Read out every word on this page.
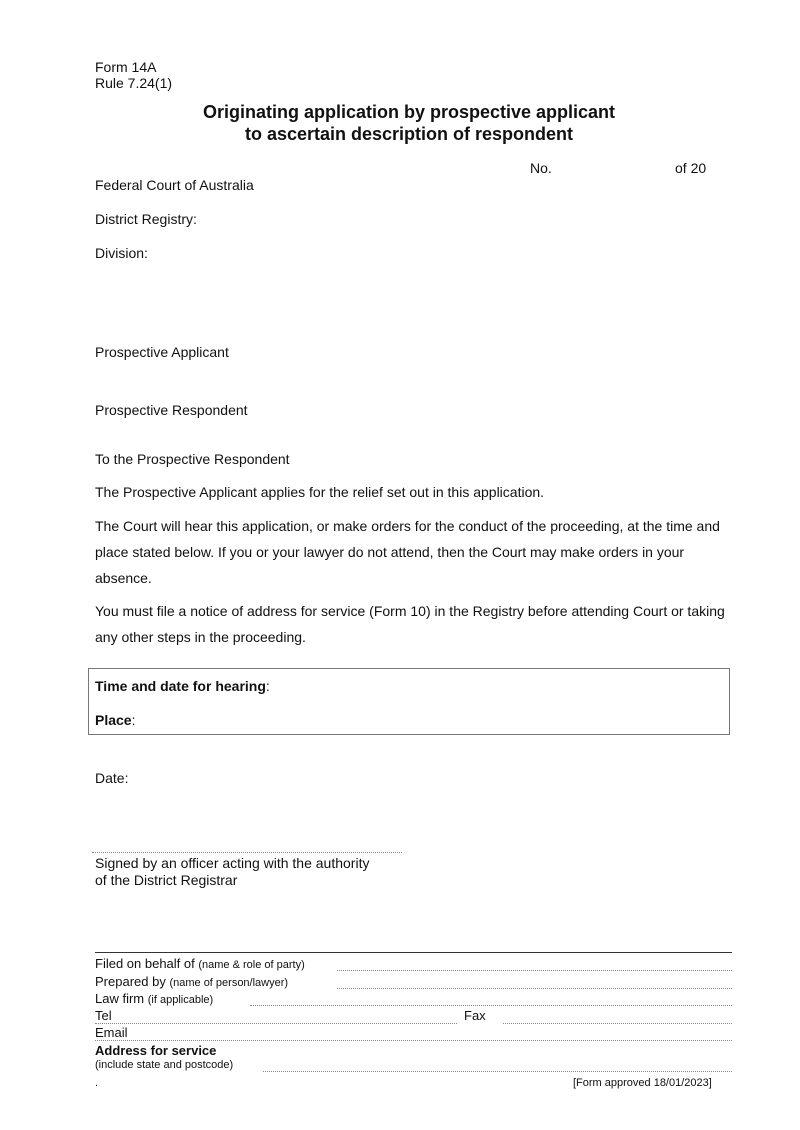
Form 14A
Rule 7.24(1)
Originating application by prospective applicant
to ascertain description of respondent
No.	of 20
Federal Court of Australia
District Registry:
Division:
Prospective Applicant
Prospective Respondent
To the Prospective Respondent
The Prospective Applicant applies for the relief set out in this application.
The Court will hear this application, or make orders for the conduct of the proceeding, at the time and place stated below. If you or your lawyer do not attend, then the Court may make orders in your absence.
You must file a notice of address for service (Form 10) in the Registry before attending Court or taking any other steps in the proceeding.
Time and date for hearing:
Place:
Date:
Signed by an officer acting with the authority
of the District Registrar
Filed on behalf of (name & role of party)
Prepared by (name of person/lawyer)
Law firm (if applicable)
Tel	Fax
Email
Address for service
(include state and postcode)
.	[Form approved 18/01/2023]
